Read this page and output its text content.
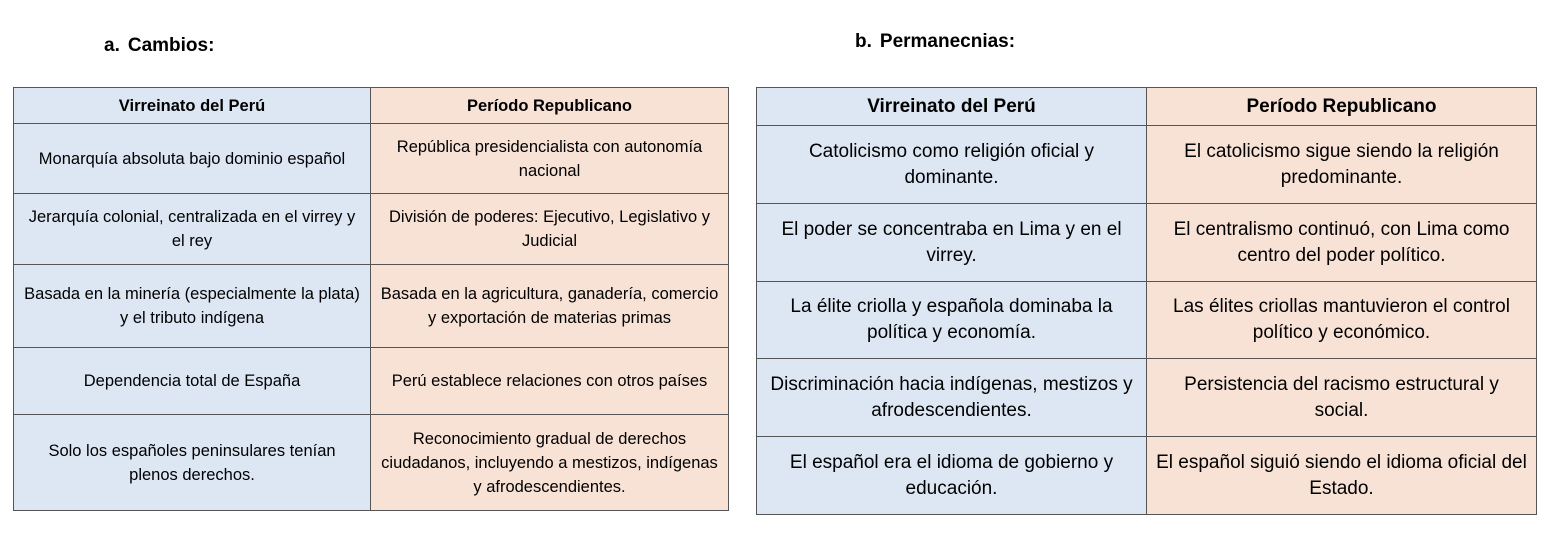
a. Cambios:
Virreinato del Perú	Período Republicano
Monarquía absoluta bajo dominio español	República presidencialista con autonomía nacional
Jerarquía colonial, centralizada en el virrey y el rey	División de poderes: Ejecutivo, Legislativo y Judicial
Basada en la minería (especialmente la plata) y el tributo indígena	Basada en la agricultura, ganadería, comercio y exportación de materias primas
Dependencia total de España	Perú establece relaciones con otros países
Solo los españoles peninsulares tenían plenos derechos.	Reconocimiento gradual de derechos ciudadanos, incluyendo a mestizos, indígenas y afrodescendientes.
b. Permanecnias:
Virreinato del Perú	Período Republicano
Catolicismo como religión oficial y dominante.	El catolicismo sigue siendo la religión predominante.
El poder se concentraba en Lima y en el virrey.	El centralismo continuó, con Lima como centro del poder político.
La élite criolla y española dominaba la política y economía.	Las élites criollas mantuvieron el control político y económico.
Discriminación hacia indígenas, mestizos y afrodescendientes.	Persistencia del racismo estructural y social.
El español era el idioma de gobierno y educación.	El español siguió siendo el idioma oficial del Estado.
